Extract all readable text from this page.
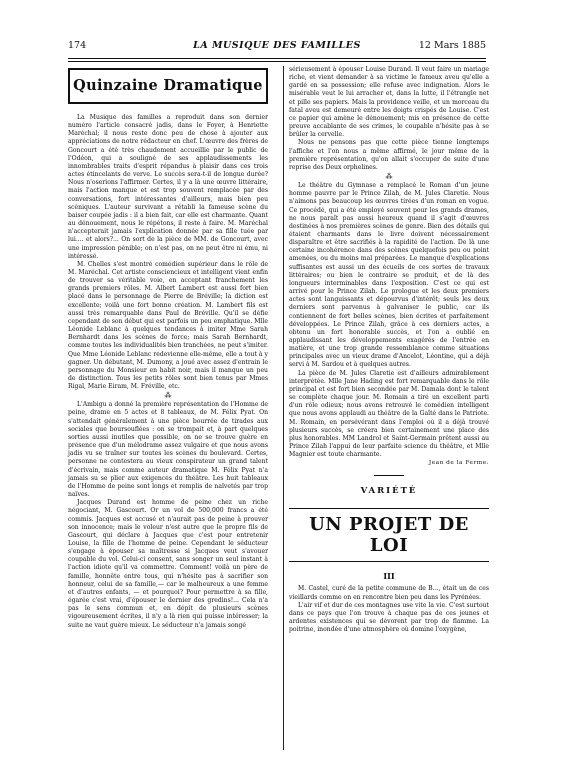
174	LA MUSIQUE DES FAMILLES	12 Mars 1885
Quinzaine Dramatique

La Musique des familles a reproduit dans son dernier numéro l'article consacré jadis, dans le Foyer, à Henriette Maréchal; il nous reste donc peu de chose à ajouter aux appréciations de notre rédacteur en chef. L'œuvre des frères de Goncourt a été très chaudement accueillie par le public de l'Odéon, qui a souligné de ses applaudissements les innombrables traits d'esprit répandus à plaisir dans ces trois actes étincelants de verve. Le succès sera-t-il de longue durée? Nous n'oserions l'affirmer. Certes, il y a là une œuvre littéraire, mais l'action manque et est trop souvent remplacée par des conversations, fort intéressantes d'ailleurs, mais bien peu scéniques. L'auteur survivant a rétabli la fameuse scène du baiser coupée jadis : il a bien fait, car elle est charmante. Quant au dénouement, nous le répétons, il reste à faire. M. Maréchal n'accepterait jamais l'explication donnée par sa fille tuée par lui.... et alors?... On sort de la pièce de MM. de Goncourt, avec une impression pénible; on n'est pas, on ne peut être ni ému, ni intéressé.

M. Chelles s'est montré comédien supérieur dans le rôle de M. Maréchal. Cet artiste consciencieux et intelligent vient enfin de trouver sa véritable voie, en acceptant franchement les grands premiers rôles. M. Albert Lambert est aussi fort bien placé dans le personnage de Pierre de Bréville; la diction est excellente; voilà une fort bonne création. M. Lambert fils est aussi très remarquable dans Paul de Bréville. Qu'il se défie cependant de son début qui est parfois un peu emphatique. Mlle Léonide Leblanc à quelques tendances à imiter Mme Sarah Bernhardt dans les scènes de force; mais Sarah Bernhardt, comme toutes les individualités bien tranchées, ne peut s'imiter. Que Mme Léonide Leblanc redevienne elle-même, elle a tout à y gagner. Un débutant, M. Dumony, a joué avec assez d'entrain le personnage du Monsieur en habit noir, mais il manque un peu de distinction. Tous les petits rôles sont bien tenus par Mmes Rigal, Marie Eiram, M. Fréville, etc.

⁂

L'Ambigu a donné la première représentation de l'Homme de peine, drame en 5 actes et 8 tableaux, de M. Félix Pyat. On s'attendait généralement à une pièce bourrée de tirades aux sociales que boursouflées : on se trompait et, à part quelques sorties aussi inutiles que possible, on ne se trouve guère en présence que d'un mélodrame assez vulgaire et que nous avons jadis vu se traîner sur toutes les scènes du boulevard. Certes, personne ne contestera au vieux conspirateur un grand talent d'écrivain, mais comme auteur dramatique M. Félix Pyat n'a jamais su se plier aux exigences du théâtre. Les huit tableaux de l'Homme de peine sont longs et remplis de naïvetés par trop naïves.

Jacques Durand est homme de peine chez un riche négociant, M. Gascourt. Or un vol de 500,000 francs a été commis. Jacques est accusé et n'aurait pas de peine à prouver son innocence; mais le voleur n'est autre que le propre fils de Gascourt, qui déclare à Jacques que c'est pour entretenir Louise, la fille de l'homme de peine. Cependant le séducteur s'engage à épouser sa maîtresse si Jacques veut s'avouer coupable du vol. Celui-ci consent, sans songer un seul instant à l'action idiote qu'il va commettre. Comment! voilà un père de famille, honnête entre tous, qui n'hésite pas à sacrifier son honneur, celui de sa famille,— car le malheureux a une femme et d'autres enfants, — et pourquoi? Pour permettre à sa fille, égarée c'est vrai, d'épouser le dernier des gredins!... Cela n'a pas le sens commun et, en dépit de plusieurs scènes vigoureusement écrites, il n'y a là rien qui puisse intéresser; la suite ne vaut guère mieux. Le séducteur n'a jamais songé

sérieusement à épouser Louise Durand. Il veut faire un mariage riche, et vient demander à sa victime le fameux aveu qu'elle a gardé en sa possession; elle refuse avec indignation. Alors le misérable veut le lui arracher et, dans la lutte, il l'étrangle net et pille ses papiers. Mais la providence veille, et un morceau du fatal aveu est demeuré entre les doigts crispés de Louise. C'est ce papier qui amène le dénouement; mis en présence de cette preuve accablante de ses crimes, le coupable n'hésite pas à se brûler la cervelle.

Nous ne pensons pas que cette pièce tienne longtemps l'affiche et l'on nous a même affirmé, le jour même de la première représentation, qu'on allait s'occuper de suite d'une reprise des Deux orphelines.

⁂

Le théâtre du Gymnase a remplacé le Roman d'un jeune homme pauvre par le Prince Zilah, de M. Jules Claretie. Nous n'aimons pas beaucoup les œuvres tirées d'un roman en vogue. Ce procédé, qui a été employé souvent pour les grands drames, ne nous paraît pas aussi heureux quand il s'agit d'œuvres destinées à nos premières scènes de genre. Bien des détails qui étaient charmants dans le livre doivent nécessairement disparaître et être sacrifiés à la rapidité de l'action. De là une certaine incohérence dans des scènes quelquefois peu ou point amenées, ou du moins mal préparées. Le manque d'explications suffisantes est aussi un des écueils de ces sortes de travaux littéraires; ou bien le contraire se produit, et de là des longueurs interminables dans l'exposition. C'est ce qui est arrivé pour le Prince Zilah. Le prologue et les deux premiers actes sont languissants et dépourvus d'intérêt; seuls les deux derniers sont parvenus à galvaniser le public, car ils contiennent de fort belles scènes, bien écrites et parfaitement développées. Le Prince Zilah, grâce à ces derniers actes, a obtenu un fort honorable succès, et l'on a oublié en applaudissant les développements exagérés de l'entrée en matière, et une trop grande ressemblance comme situations principales avec un vieux drame d'Ancelot, Léontine, qui a déjà servi à M. Sardou et à quelques autres.

La pièce de M. Jules Claretie est d'ailleurs admirablement interprétée. Mlle Jane Hading est fort remarquable dans le rôle principal et est fort bien secondée par M. Damala dont le talent se complète chaque jour. M. Romain a tiré un excellent parti d'un rôle odieux; nous avons retrouvé le comédien intelligent que nous avons applaudi au théâtre de la Gaîté dans le Patriote. M. Romain, en persévérant dans l'emploi où il a déjà trouvé plusieurs succès, se créera bien certainement une place des plus honorables. MM Landrol et Saint-Germain prêtent aussi au Prince Zilah l'appui de leur parfaite science du théâtre, et Mlle Magnier est toute charmante.

Jean de la Ferme.

VARIÉTÉ
UN PROJET DE LOI
III

M. Castel, curé de la petite commune de B..., était un de ces vieillards comme on en rencontre bien peu dans les Pyrénées.

L'air vif et dur de ces montagnes use vite la vie. C'est surtout dans ce pays que l'on trouve à chaque pas de ces jeunes et ardentes existences qui se dévorent par trop de flamme. La poitrine, inondée d'une atmosphère où domine l'oxygène,
